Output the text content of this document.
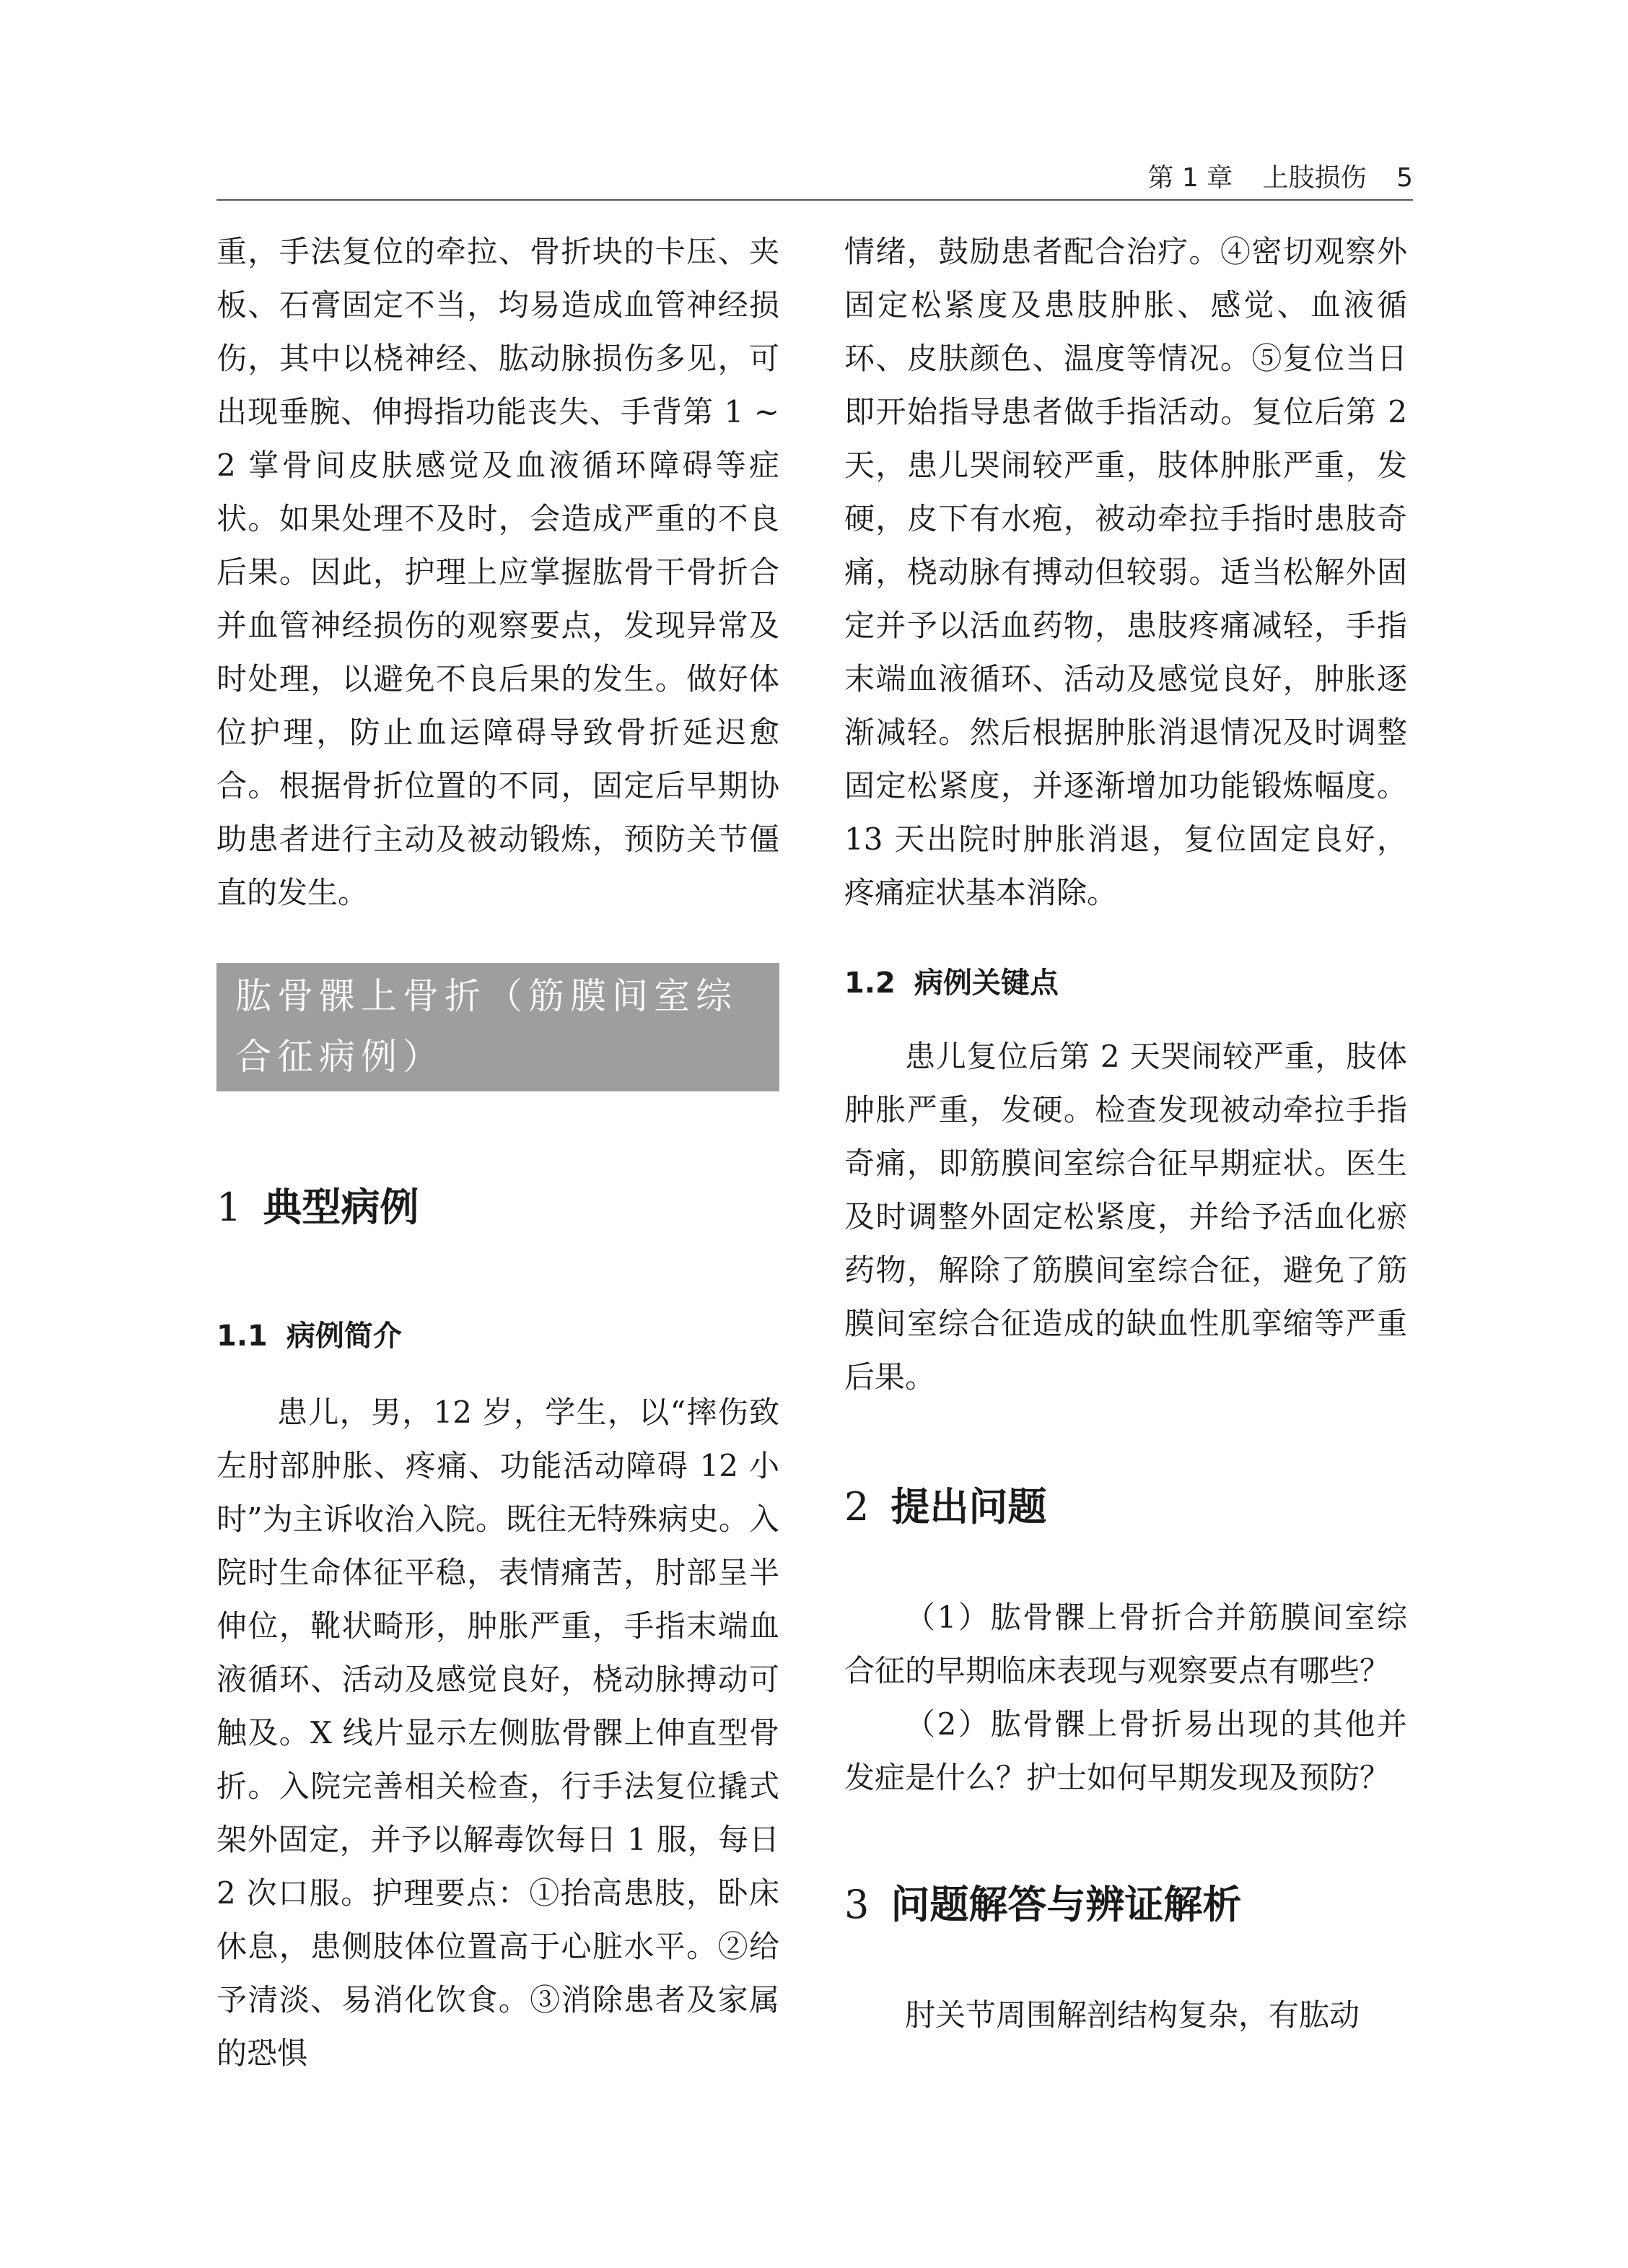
第 1 章 上肢损伤 5

重，手法复位的牵拉、骨折块的卡压、夹板、石膏固定不当，均易造成血管神经损伤，其中以桡神经、肱动脉损伤多见，可出现垂腕、伸拇指功能丧失、手背第 1 ~ 2 掌骨间皮肤感觉及血液循环障碍等症状。如果处理不及时，会造成严重的不良后果。因此，护理上应掌握肱骨干骨折合并血管神经损伤的观察要点，发现异常及时处理，以避免不良后果的发生。做好体位护理，防止血运障碍导致骨折延迟愈合。根据骨折位置的不同，固定后早期协助患者进行主动及被动锻炼，预防关节僵直的发生。

肱骨髁上骨折（筋膜间室综合征病例）
1 典型病例
1.1 病例简介

患儿，男，12 岁，学生，以“摔伤致左肘部肿胀、疼痛、功能活动障碍 12 小时”为主诉收治入院。既往无特殊病史。入院时生命体征平稳，表情痛苦，肘部呈半伸位，靴状畸形，肿胀严重，手指末端血液循环、活动及感觉良好，桡动脉搏动可触及。X 线片显示左侧肱骨髁上伸直型骨折。入院完善相关检查，行手法复位撬式架外固定，并予以解毒饮每日 1 服，每日 2 次口服。护理要点：①抬高患肢，卧床休息，患侧肢体位置高于心脏水平。②给予清淡、易消化饮食。③消除患者及家属的恐惧

情绪，鼓励患者配合治疗。④密切观察外固定松紧度及患肢肿胀、感觉、血液循环、皮肤颜色、温度等情况。⑤复位当日即开始指导患者做手指活动。复位后第 2 天，患儿哭闹较严重，肢体肿胀严重，发硬，皮下有水疱，被动牵拉手指时患肢奇痛，桡动脉有搏动但较弱。适当松解外固定并予以活血药物，患肢疼痛减轻，手指末端血液循环、活动及感觉良好，肿胀逐渐减轻。然后根据肿胀消退情况及时调整固定松紧度，并逐渐增加功能锻炼幅度。13 天出院时肿胀消退，复位固定良好，疼痛症状基本消除。

1.2 病例关键点

患儿复位后第 2 天哭闹较严重，肢体肿胀严重，发硬。检查发现被动牵拉手指奇痛，即筋膜间室综合征早期症状。医生及时调整外固定松紧度，并给予活血化瘀药物，解除了筋膜间室综合征，避免了筋膜间室综合征造成的缺血性肌挛缩等严重后果。

2 提出问题

（1）肱骨髁上骨折合并筋膜间室综合征的早期临床表现与观察要点有哪些？

（2）肱骨髁上骨折易出现的其他并发症是什么？护士如何早期发现及预防？

3 问题解答与辨证解析

肘关节周围解剖结构复杂，有肱动
